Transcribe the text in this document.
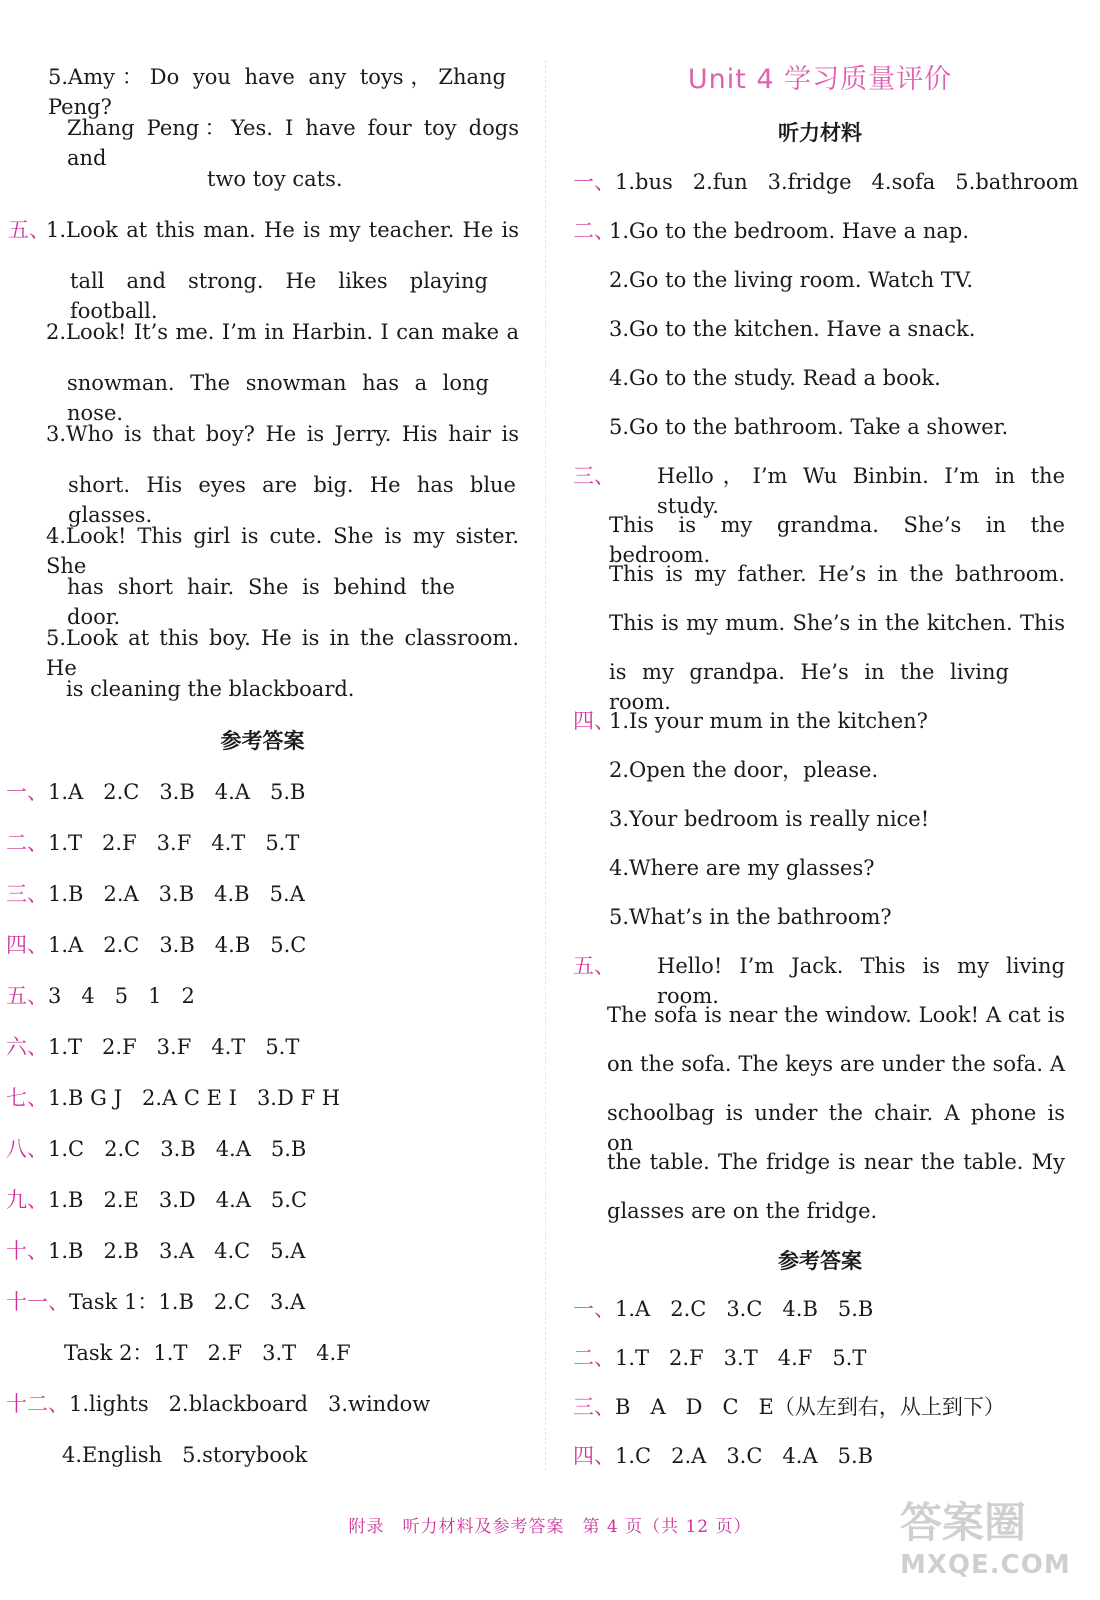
5.Amy：Do you have any toys，Zhang Peng?
Zhang Peng：Yes. I have four toy dogs and
two toy cats.
五、
1.Look at this man. He is my teacher. He is
tall and strong. He likes playing football.
2.Look! It’s me. I’m in Harbin. I can make a
snowman. The snowman has a long nose.
3.Who is that boy? He is Jerry. His hair is
short. His eyes are big. He has blue glasses.
4.Look! This girl is cute. She is my sister. She
has short hair. She is behind the door.
5.Look at this boy. He is in the classroom. He
is cleaning the blackboard.
参考答案
一、1.A 2.C 3.B 4.A 5.B
二、1.T 2.F 3.F 4.T 5.T
三、1.B 2.A 3.B 4.B 5.A
四、1.A 2.C 3.B 4.B 5.C
五、3 4 5 1 2
六、1.T 2.F 3.F 4.T 5.T
七、1.B G J 2.A C E I 3.D F H
八、1.C 2.C 3.B 4.A 5.B
九、1.B 2.E 3.D 4.A 5.C
十、1.B 2.B 3.A 4.C 5.A
十一、Task 1：1.B 2.C 3.A
Task 2：1.T 2.F 3.T 4.F
十二、1.lights 2.blackboard 3.window
4.English 5.storybook
Unit 4 学习质量评价
听力材料
一、1.bus 2.fun 3.fridge 4.sofa 5.bathroom
二、
1.Go to the bedroom. Have a nap.
2.Go to the living room. Watch TV.
3.Go to the kitchen. Have a snack.
4.Go to the study. Read a book.
5.Go to the bathroom. Take a shower.
三、 Hello，I’m Wu Binbin. I’m in the study.
This is my grandma. She’s in the bedroom.
This is my father. He’s in the bathroom.
This is my mum. She’s in the kitchen. This
is my grandpa. He’s in the living room.
四、
1.Is your mum in the kitchen?
2.Open the door，please.
3.Your bedroom is really nice!
4.Where are my glasses?
5.What’s in the bathroom?
五、 Hello! I’m Jack. This is my living room.
The sofa is near the window. Look! A cat is
on the sofa. The keys are under the sofa. A
schoolbag is under the chair. A phone is on
the table. The fridge is near the table. My
glasses are on the fridge.
参考答案
一、1.A 2.C 3.C 4.B 5.B
二、1.T 2.F 3.T 4.F 5.T
三、B A D C E（从左到右，从上到下）
四、1.C 2.A 3.C 4.A 5.B
附录　听力材料及参考答案　第 4 页（共 12 页）	答案圈
MXQE.COM
